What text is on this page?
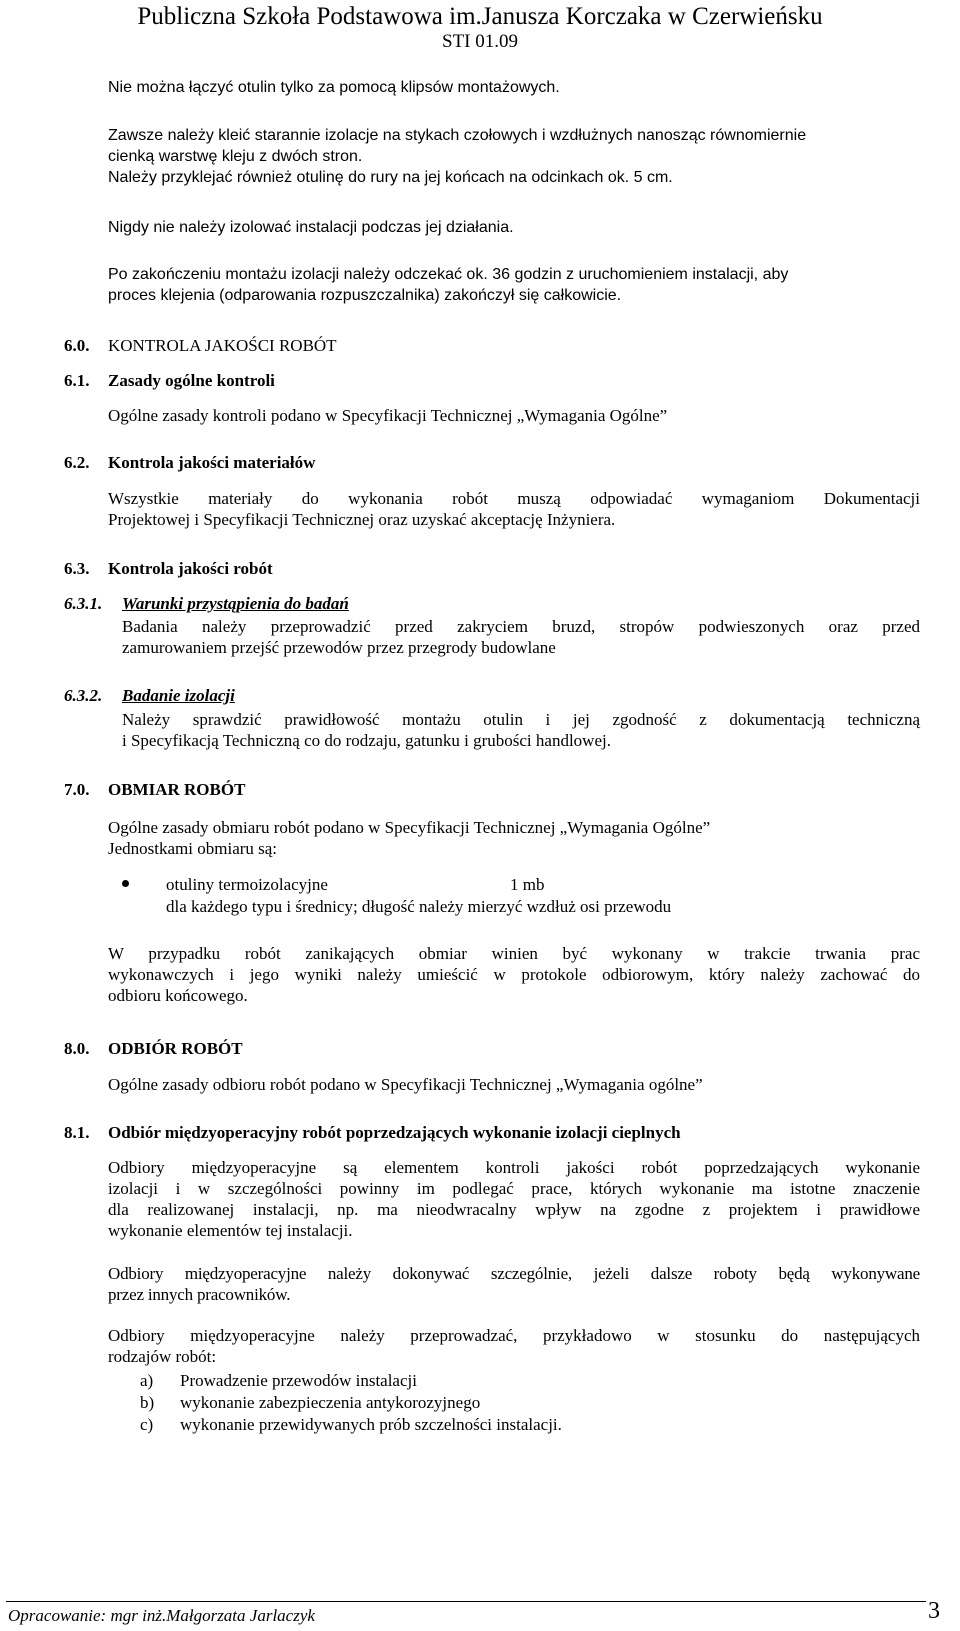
Publiczna Szkoła Podstawowa im.Janusza Korczaka w Czerwieńsku
STI 01.09
Nie można łączyć otulin tylko za pomocą klipsów montażowych.
Zawsze należy kleić starannie izolacje na stykach czołowych i wzdłużnych nanosząc równomiernie
cienką warstwę kleju z dwóch stron.
Należy przyklejać również otulinę do rury na jej końcach na odcinkach ok. 5 cm.
Nigdy nie należy izolować instalacji podczas jej działania.
Po zakończeniu montażu izolacji należy odczekać ok. 36 godzin z uruchomieniem instalacji, aby
proces klejenia (odparowania rozpuszczalnika) zakończył się całkowicie.
6.0. KONTROLA JAKOŚCI ROBÓT
6.1. Zasady ogólne kontroli
Ogólne zasady kontroli podano w Specyfikacji Technicznej „Wymagania Ogólne”
6.2. Kontrola jakości materiałów
Wszystkie materiały do wykonania robót muszą odpowiadać wymaganiom Dokumentacji
Projektowej i Specyfikacji Technicznej oraz uzyskać akceptację Inżyniera.
6.3. Kontrola jakości robót
6.3.1. Warunki przystąpienia do badań
Badania należy przeprowadzić przed zakryciem bruzd, stropów podwieszonych oraz przed
zamurowaniem przejść przewodów przez przegrody budowlane
6.3.2. Badanie izolacji
Należy sprawdzić prawidłowość montażu otulin i jej zgodność z dokumentacją techniczną
i Specyfikacją Techniczną co do rodzaju, gatunku i grubości handlowej.
7.0. OBMIAR ROBÓT
Ogólne zasady obmiaru robót podano w Specyfikacji Technicznej „Wymagania Ogólne”
Jednostkami obmiaru są:
otuliny termoizolacyjne	1 mb
dla każdego typu i średnicy; długość należy mierzyć wzdłuż osi przewodu
W przypadku robót zanikających obmiar winien być wykonany w trakcie trwania prac
wykonawczych i jego wyniki należy umieścić w protokole odbiorowym, który należy zachować do
odbioru końcowego.
8.0. ODBIÓR ROBÓT
Ogólne zasady odbioru robót podano w Specyfikacji Technicznej „Wymagania ogólne”
8.1. Odbiór międzyoperacyjny robót poprzedzających wykonanie izolacji cieplnych
Odbiory międzyoperacyjne są elementem kontroli jakości robót poprzedzających wykonanie
izolacji i w szczególności powinny im podlegać prace, których wykonanie ma istotne znaczenie
dla realizowanej instalacji, np. ma nieodwracalny wpływ na zgodne z projektem i prawidłowe
wykonanie elementów tej instalacji.
Odbiory międzyoperacyjne należy dokonywać szczególnie, jeżeli dalsze roboty będą wykonywane
przez innych pracowników.
Odbiory międzyoperacyjne należy przeprowadzać, przykładowo w stosunku do następujących
rodzajów robót:
a) Prowadzenie przewodów instalacji
b) wykonanie zabezpieczenia antykorozyjnego
c) wykonanie przewidywanych prób szczelności instalacji.
Opracowanie: mgr inż.Małgorzata Jarlaczyk	3
